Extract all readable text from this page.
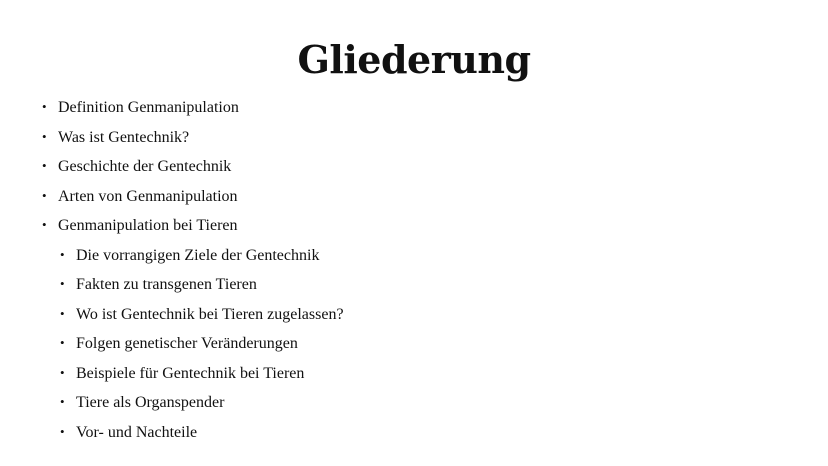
Gliederung
• Definition Genmanipulation
• Was ist Gentechnik?
• Geschichte der Gentechnik
• Arten von Genmanipulation
• Genmanipulation bei Tieren
• Die vorrangigen Ziele der Gentechnik
• Fakten zu transgenen Tieren
• Wo ist Gentechnik bei Tieren zugelassen?
• Folgen genetischer Veränderungen
• Beispiele für Gentechnik bei Tieren
• Tiere als Organspender
• Vor- und Nachteile
